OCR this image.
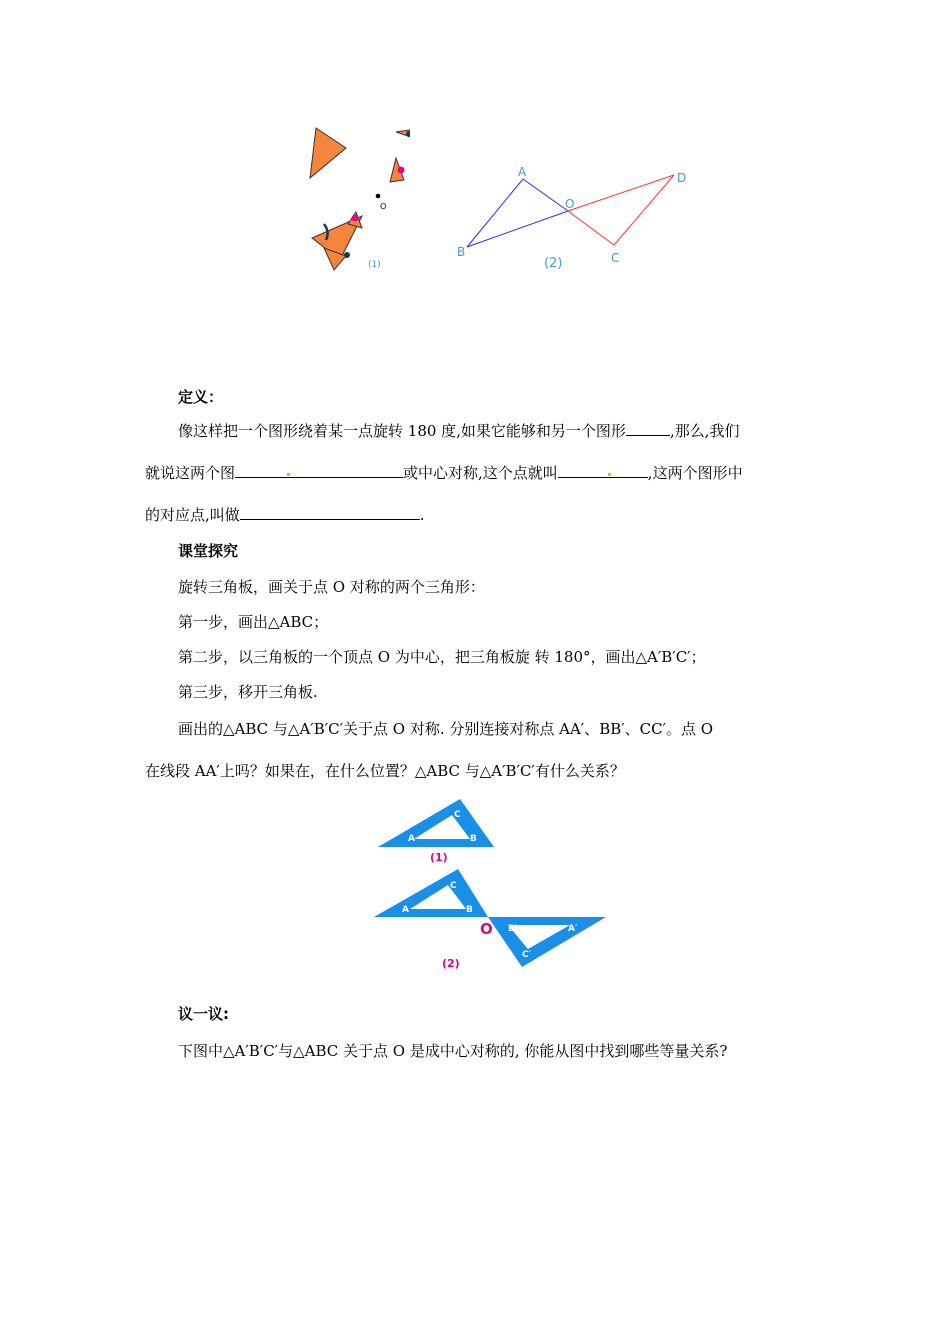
O
(1)
A
B
O
C
D
(2)
定义：
像这样把一个图形绕着某一点旋转 180 度,如果它能够和另一个图形	,那么,我们
就说这两个图	或中心对称,这个点就叫	,这两个图形中
的对应点,叫做	.
课堂探究
旋转三角板，画关于点 O 对称的两个三角形：
第一步，画出△ABC；
第二步，以三角板的一个顶点 O 为中心，把三角板旋 转 180°，画出△A′B′C′；
第三步，移开三角板.
画出的△ABC 与△A′B′C′关于点 O 对称. 分别连接对称点 AA′、BB′、CC′。点 O
在线段 AA′上吗？如果在，在什么位置？△ABC 与△A′B′C′有什么关系？
A	B
C
(1)
A	B
C
B′	A′
C′
O
(2)
议一议:
下图中△A′B′C′与△ABC 关于点 O 是成中心对称的, 你能从图中找到哪些等量关系?
